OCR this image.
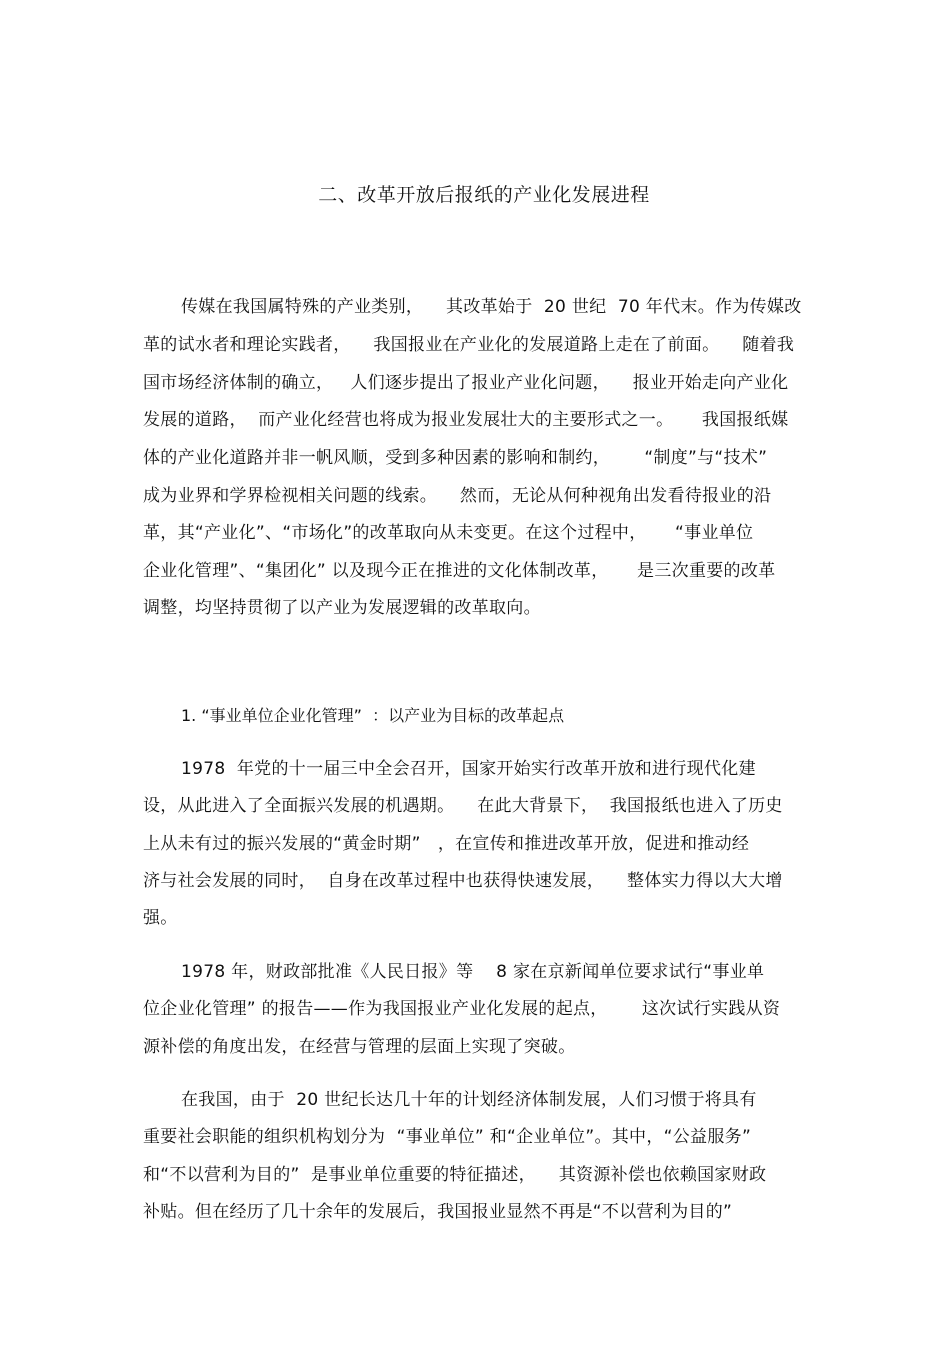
二、改革开放后报纸的产业化发展进程
传媒在我国属特殊的产业类别，    其改革始于  20 世纪  70 年代末。作为传媒改
革的试水者和理论实践者，    我国报业在产业化的发展道路上走在了前面。    随着我
国市场经济体制的确立，   人们逐步提出了报业产业化问题，    报业开始走向产业化
发展的道路，  而产业化经营也将成为报业发展壮大的主要形式之一。     我国报纸媒
体的产业化道路并非一帆风顺，受到多种因素的影响和制约，      “制度”与“技术”
成为业界和学界检视相关问题的线索。    然而，无论从何种视角出发看待报业的沿
革，其“产业化”、“市场化”的改革取向从未变更。在这个过程中，     “事业单位
企业化管理”、“集团化” 以及现今正在推进的文化体制改革，     是三次重要的改革
调整，均坚持贯彻了以产业为发展逻辑的改革取向。
1. “事业单位企业化管理”  ：以产业为目标的改革起点
1978  年党的十一届三中全会召开，国家开始实行改革开放和进行现代化建
设，从此进入了全面振兴发展的机遇期。    在此大背景下，  我国报纸也进入了历史
上从未有过的振兴发展的“黄金时期”   ，在宣传和推进改革开放，促进和推动经
济与社会发展的同时，  自身在改革过程中也获得快速发展，    整体实力得以大大增
强。
1978 年，财政部批准《人民日报》等    8 家在京新闻单位要求试行“事业单
位企业化管理” 的报告——作为我国报业产业化发展的起点，      这次试行实践从资
源补偿的角度出发，在经营与管理的层面上实现了突破。
在我国，由于  20 世纪长达几十年的计划经济体制发展，人们习惯于将具有
重要社会职能的组织机构划分为  “事业单位” 和“企业单位”。其中，“公益服务”
和“不以营利为目的”  是事业单位重要的特征描述，    其资源补偿也依赖国家财政
补贴。但在经历了几十余年的发展后，我国报业显然不再是“不以营利为目的”
